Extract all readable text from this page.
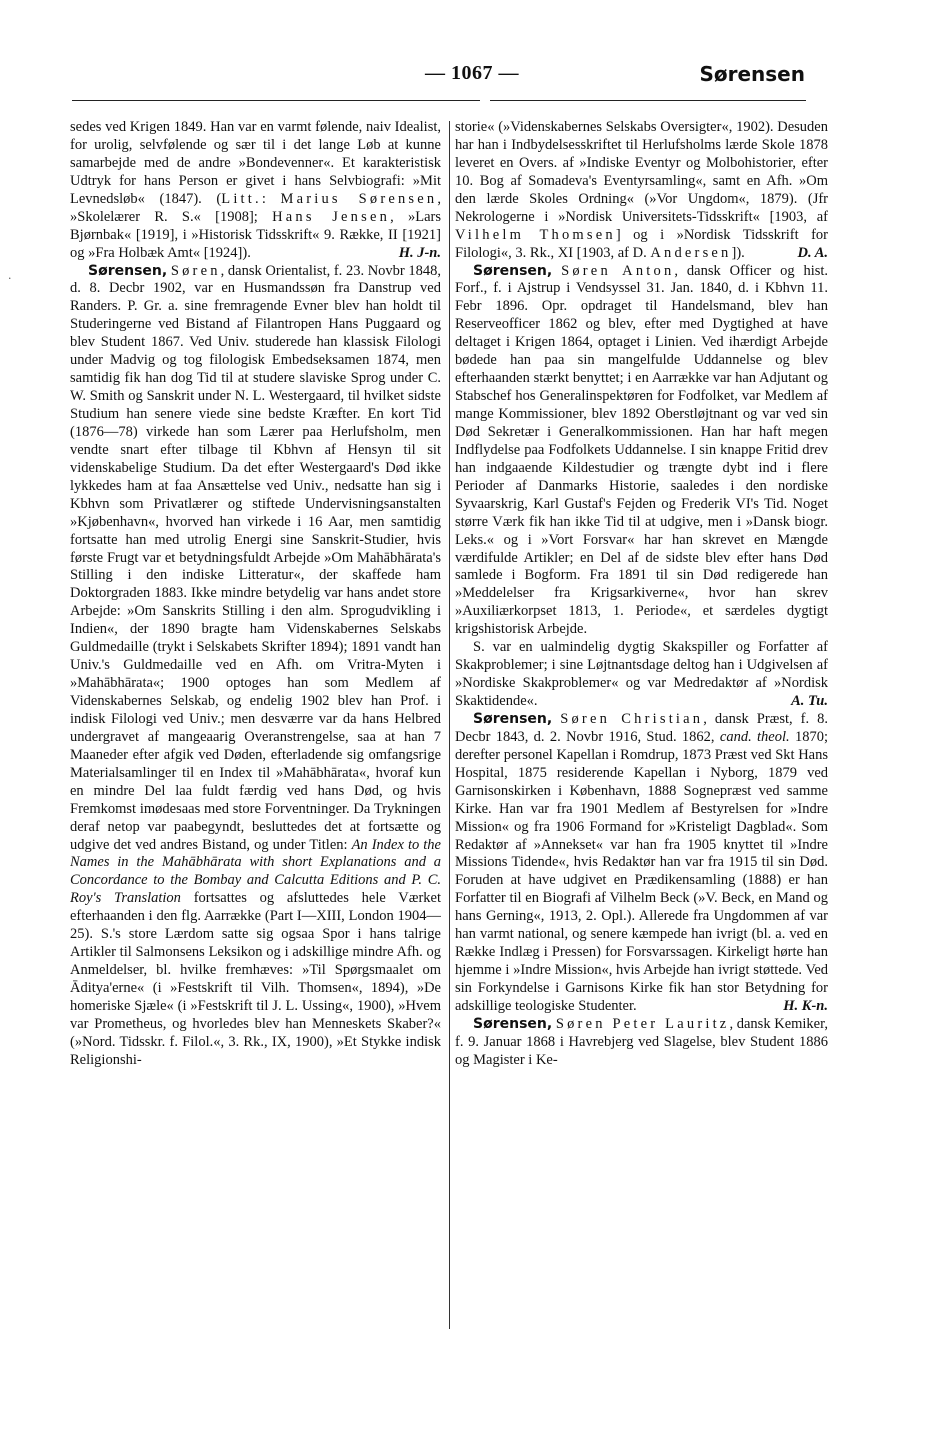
— 1067 —	Sørensen
·

sedes ved Krigen 1849. Han var en varmt følende, naiv Idealist, for urolig, selvfølende og sær til i det lange Løb at kunne samarbejde med de andre »Bondevenner«. Et karakteristisk Udtryk for hans Person er givet i hans Selvbiografi: »Mit Levnedsløb« (1847). (Litt.: Marius Sørensen, »Skolelærer R. S.« [1908]; Hans Jensen, »Lars Bjørnbak« [1919], i »Historisk Tidsskrift« 9. Række, II [1921] og »Fra Holbæk Amt« [1924]).	H. J-n.

Sørensen, Søren, dansk Orientalist, f. 23. Novbr 1848, d. 8. Decbr 1902, var en Husmandssøn fra Danstrup ved Randers. P. Gr. a. sine fremragende Evner blev han holdt til Studeringerne ved Bistand af Filantropen Hans Puggaard og blev Student 1867. Ved Univ. studerede han klassisk Filologi under Madvig og tog filologisk Embedseksamen 1874, men samtidig fik han dog Tid til at studere slaviske Sprog under C. W. Smith og Sanskrit under N. L. Westergaard, til hvilket sidste Studium han senere viede sine bedste Kræfter. En kort Tid (1876—78) virkede han som Lærer paa Herlufsholm, men vendte snart efter tilbage til Kbhvn af Hensyn til sit videnskabelige Studium. Da det efter Westergaard's Død ikke lykkedes ham at faa Ansættelse ved Univ., nedsatte han sig i Kbhvn som Privatlærer og stiftede Undervisningsanstalten »Kjøbenhavn«, hvorved han virkede i 16 Aar, men samtidig fortsatte han med utrolig Energi sine Sanskrit-Studier, hvis første Frugt var et betydningsfuldt Arbejde »Om Mahābhārata's Stilling i den indiske Litteratur«, der skaffede ham Doktorgraden 1883. Ikke mindre betydelig var hans andet store Arbejde: »Om Sanskrits Stilling i den alm. Sprogudvikling i Indien«, der 1890 bragte ham Videnskabernes Selskabs Guldmedaille (trykt i Selskabets Skrifter 1894); 1891 vandt han Univ.'s Guldmedaille ved en Afh. om Vritra-Myten i »Mahābhārata«; 1900 optoges han som Medlem af Videnskabernes Selskab, og endelig 1902 blev han Prof. i indisk Filologi ved Univ.; men desværre var da hans Helbred undergravet af mangeaarig Overanstrengelse, saa at han 7 Maaneder efter afgik ved Døden, efterladende sig omfangsrige Materialsamlinger til en Index til »Mahābhārata«, hvoraf kun en mindre Del laa fuldt færdig ved hans Død, og hvis Fremkomst imødesaas med store Forventninger. Da Trykningen deraf netop var paabegyndt, besluttedes det at fortsætte og udgive det ved andres Bistand, og under Titlen: An Index to the Names in the Mahābhārata with short Explanations and a Concordance to the Bombay and Calcutta Editions and P. C. Roy's Translation fortsattes og afsluttedes hele Værket efterhaanden i den flg. Aarrække (Part I—XIII, London 1904—25). S.'s store Lærdom satte sig ogsaa Spor i hans talrige Artikler til Salmonsens Leksikon og i adskillige mindre Afh. og Anmeldelser, bl. hvilke fremhæves: »Til Spørgsmaalet om Āditya'erne« (i »Festskrift til Vilh. Thomsen«, 1894), »De homeriske Sjæle« (i »Festskrift til J. L. Ussing«, 1900), »Hvem var Prometheus, og hvorledes blev han Menneskets Skaber?« (»Nord. Tidsskr. f. Filol.«, 3. Rk., IX, 1900), »Et Stykke indisk Religionshi-

storie« (»Videnskabernes Selskabs Oversigter«, 1902). Desuden har han i Indbydelsesskriftet til Herlufsholms lærde Skole 1878 leveret en Overs. af »Indiske Eventyr og Molbohistorier, efter 10. Bog af Somadeva's Eventyrsamling«, samt en Afh. »Om den lærde Skoles Ordning« (»Vor Ungdom«, 1879). (Jfr Nekrologerne i »Nordisk Universitets-Tidsskrift« [1903, af Vilhelm Thomsen] og i »Nordisk Tidsskrift for Filologi«, 3. Rk., XI [1903, af D. Andersen]).	D. A.

Sørensen, Søren Anton, dansk Officer og hist. Forf., f. i Ajstrup i Vendsyssel 31. Jan. 1840, d. i Kbhvn 11. Febr 1896. Opr. opdraget til Handelsmand, blev han Reserveofficer 1862 og blev, efter med Dygtighed at have deltaget i Krigen 1864, optaget i Linien. Ved ihærdigt Arbejde bødede han paa sin mangelfulde Uddannelse og blev efterhaanden stærkt benyttet; i en Aarrække var han Adjutant og Stabschef hos Generalinspektøren for Fodfolket, var Medlem af mange Kommissioner, blev 1892 Oberstløjtnant og var ved sin Død Sekretær i Generalkommissionen. Han har haft megen Indflydelse paa Fodfolkets Uddannelse. I sin knappe Fritid drev han indgaaende Kildestudier og trængte dybt ind i flere Perioder af Danmarks Historie, saaledes i den nordiske Syvaarskrig, Karl Gustaf's Fejden og Frederik VI's Tid. Noget større Værk fik han ikke Tid til at udgive, men i »Dansk biogr. Leks.« og i »Vort Forsvar« har han skrevet en Mængde værdifulde Artikler; en Del af de sidste blev efter hans Død samlede i Bogform. Fra 1891 til sin Død redigerede han »Meddelelser fra Krigsarkiverne«, hvor han skrev »Auxiliærkorpset 1813, 1. Periode«, et særdeles dygtigt krigshistorisk Arbejde.

S. var en ualmindelig dygtig Skakspiller og Forfatter af Skakproblemer; i sine Løjtnantsdage deltog han i Udgivelsen af »Nordiske Skakproblemer« og var Medredaktør af »Nordisk Skaktidende«.	A. Tu.

Sørensen, Søren Christian, dansk Præst, f. 8. Decbr 1843, d. 2. Novbr 1916, Stud. 1862, cand. theol. 1870; derefter personel Kapellan i Romdrup, 1873 Præst ved Skt Hans Hospital, 1875 residerende Kapellan i Nyborg, 1879 ved Garnisonskirken i København, 1888 Sognepræst ved samme Kirke. Han var fra 1901 Medlem af Bestyrelsen for »Indre Mission« og fra 1906 Formand for »Kristeligt Dagblad«. Som Redaktør af »Annekset« var han fra 1905 knyttet til »Indre Missions Tidende«, hvis Redaktør han var fra 1915 til sin Død. Foruden at have udgivet en Prædikensamling (1888) er han Forfatter til en Biografi af Vilhelm Beck (»V. Beck, en Mand og hans Gerning«, 1913, 2. Opl.). Allerede fra Ungdommen af var han varmt national, og senere kæmpede han ivrigt (bl. a. ved en Række Indlæg i Pressen) for Forsvarssagen. Kirkeligt hørte han hjemme i »Indre Mission«, hvis Arbejde han ivrigt støttede. Ved sin Forkyndelse i Garnisons Kirke fik han stor Betydning for adskillige teologiske Studenter.	H. K-n.

Sørensen, Søren Peter Lauritz, dansk Kemiker, f. 9. Januar 1868 i Havrebjerg ved Slagelse, blev Student 1886 og Magister i Ke-
